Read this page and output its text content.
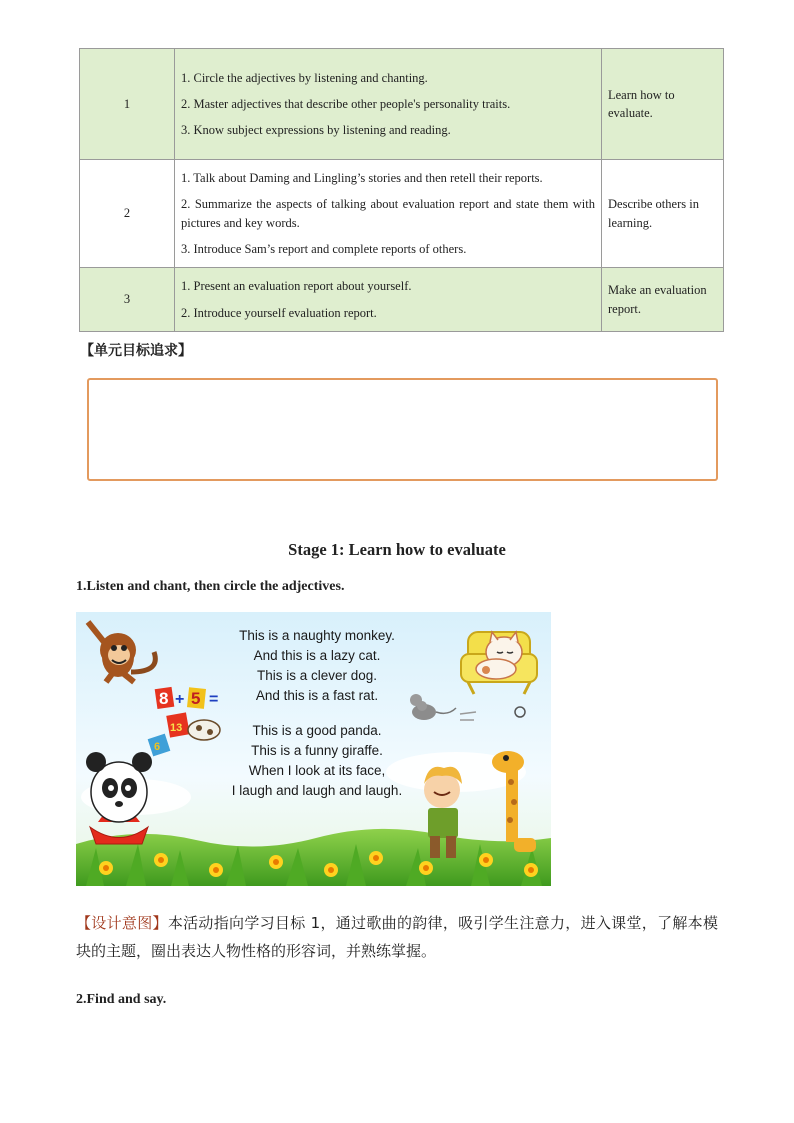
1	1. Circle the adjectives by listening and chanting.

2. Master adjectives that describe other people's personality traits.

3. Know subject expressions by listening and reading.	Learn how to evaluate.
2	1. Talk about Daming and Lingling’s stories and then retell their reports.

2. Summarize the aspects of talking about evaluation report and state them with pictures and key words.

3. Introduce Sam’s report and complete reports of others.	Describe others in learning.
3	1. Present an evaluation report about yourself.

2. Introduce yourself evaluation report.	Make an evaluation report.
【单元目标追求】
Stage 1: Learn how to evaluate
1.Listen and chant, then circle the adjectives.
8 + 5 =
13
6
This is a naughty monkey.
And this is a lazy cat.
This is a clever dog.
And this is a fast rat.
This is a good panda.
This is a funny giraffe.
When I look at its face,
I laugh and laugh and laugh.
【设计意图】本活动指向学习目标 1，通过歌曲的韵律，吸引学生注意力，进入课堂，了解本模块的主题，圈出表达人物性格的形容词，并熟练掌握。
2.Find and say.
